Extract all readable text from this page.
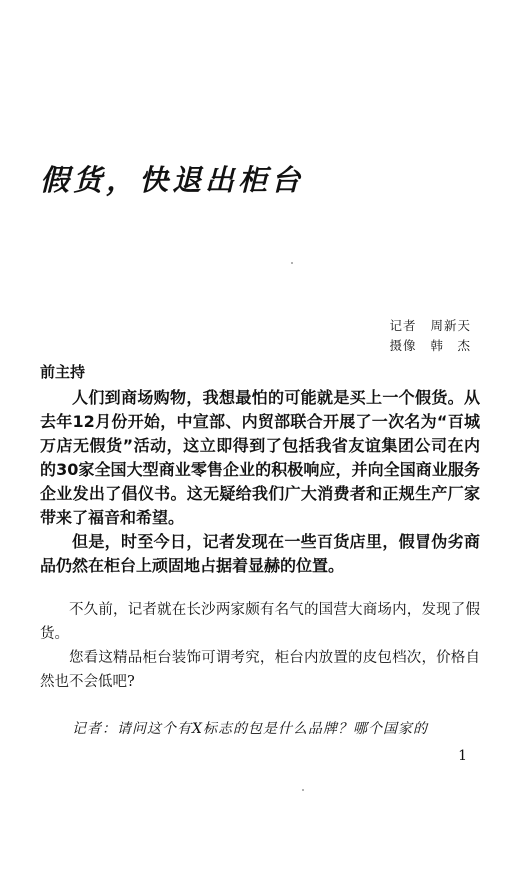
假货，快退出柜台
记者 周新天
摄像 韩　杰
前主持

人们到商场购物，我想最怕的可能就是买上一个假货。从去年12月份开始，中宣部、内贸部联合开展了一次名为“百城万店无假货”活动，这立即得到了包括我省友谊集团公司在内的30家全国大型商业零售企业的积极响应，并向全国商业服务企业发出了倡仪书。这无疑给我们广大消费者和正规生产厂家带来了福音和希望。

但是，时至今日，记者发现在一些百货店里，假冒伪劣商品仍然在柜台上顽固地占据着显赫的位置。

不久前，记者就在长沙两家颇有名气的国营大商场内，发现了假货。

您看这精品柜台装饰可谓考究，柜台内放置的皮包档次，价格自然也不会低吧?

记者：请问这个有X标志的包是什么品牌？哪个国家的
1
